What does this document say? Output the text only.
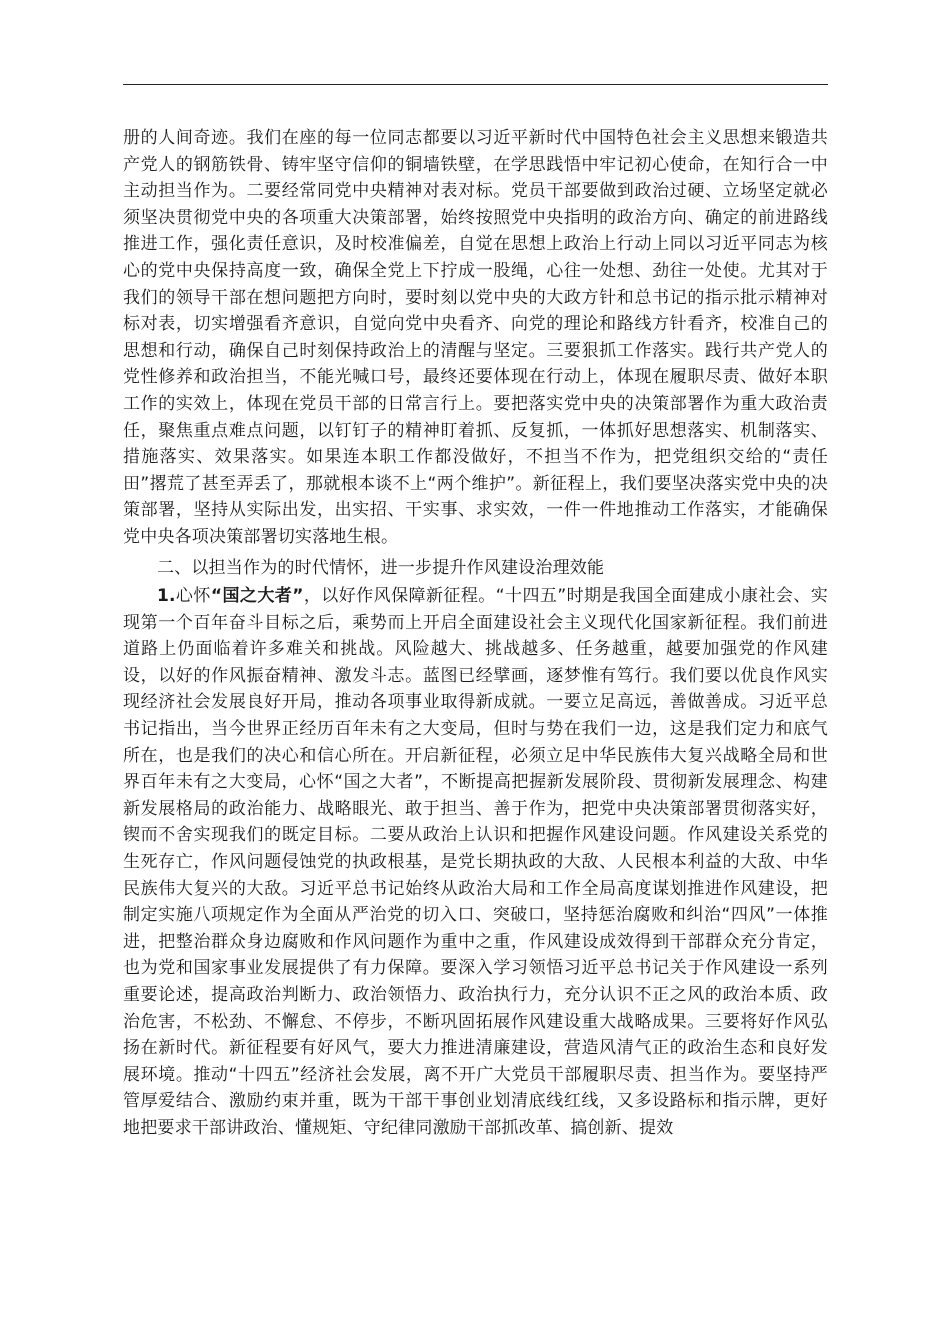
册的人间奇迹。我们在座的每一位同志都要以习近平新时代中国特色社会主义思想来锻造共产党人的钢筋铁骨、铸牢坚守信仰的铜墙铁壁，在学思践悟中牢记初心使命，在知行合一中主动担当作为。二要经常同党中央精神对表对标。党员干部要做到政治过硬、立场坚定就必须坚决贯彻党中央的各项重大决策部署，始终按照党中央指明的政治方向、确定的前进路线推进工作，强化责任意识，及时校准偏差，自觉在思想上政治上行动上同以习近平同志为核心的党中央保持高度一致，确保全党上下拧成一股绳，心往一处想、劲往一处使。尤其对于我们的领导干部在想问题把方向时，要时刻以党中央的大政方针和总书记的指示批示精神对标对表，切实增强看齐意识，自觉向党中央看齐、向党的理论和路线方针看齐，校准自己的思想和行动，确保自己时刻保持政治上的清醒与坚定。三要狠抓工作落实。践行共产党人的党性修养和政治担当，不能光喊口号，最终还要体现在行动上，体现在履职尽责、做好本职工作的实效上，体现在党员干部的日常言行上。要把落实党中央的决策部署作为重大政治责任，聚焦重点难点问题，以钉钉子的精神盯着抓、反复抓，一体抓好思想落实、机制落实、措施落实、效果落实。如果连本职工作都没做好，不担当不作为，把党组织交给的“责任田”撂荒了甚至弄丢了，那就根本谈不上“两个维护”。新征程上，我们要坚决落实党中央的决策部署，坚持从实际出发，出实招、干实事、求实效，一件一件地推动工作落实，才能确保党中央各项决策部署切实落地生根。

二、以担当作为的时代情怀，进一步提升作风建设治理效能

1.心怀“国之大者”，以好作风保障新征程。“十四五”时期是我国全面建成小康社会、实现第一个百年奋斗目标之后，乘势而上开启全面建设社会主义现代化国家新征程。我们前进道路上仍面临着许多难关和挑战。风险越大、挑战越多、任务越重，越要加强党的作风建设，以好的作风振奋精神、激发斗志。蓝图已经擘画，逐梦惟有笃行。我们要以优良作风实现经济社会发展良好开局，推动各项事业取得新成就。一要立足高远，善做善成。习近平总书记指出，当今世界正经历百年未有之大变局，但时与势在我们一边，这是我们定力和底气所在，也是我们的决心和信心所在。开启新征程，必须立足中华民族伟大复兴战略全局和世界百年未有之大变局，心怀“国之大者”，不断提高把握新发展阶段、贯彻新发展理念、构建新发展格局的政治能力、战略眼光、敢于担当、善于作为，把党中央决策部署贯彻落实好，锲而不舍实现我们的既定目标。二要从政治上认识和把握作风建设问题。作风建设关系党的生死存亡，作风问题侵蚀党的执政根基，是党长期执政的大敌、人民根本利益的大敌、中华民族伟大复兴的大敌。习近平总书记始终从政治大局和工作全局高度谋划推进作风建设，把制定实施八项规定作为全面从严治党的切入口、突破口，坚持惩治腐败和纠治“四风”一体推进，把整治群众身边腐败和作风问题作为重中之重，作风建设成效得到干部群众充分肯定，也为党和国家事业发展提供了有力保障。要深入学习领悟习近平总书记关于作风建设一系列重要论述，提高政治判断力、政治领悟力、政治执行力，充分认识不正之风的政治本质、政治危害，不松劲、不懈怠、不停步，不断巩固拓展作风建设重大战略成果。三要将好作风弘扬在新时代。新征程要有好风气，要大力推进清廉建设，营造风清气正的政治生态和良好发展环境。推动“十四五”经济社会发展，离不开广大党员干部履职尽责、担当作为。要坚持严管厚爱结合、激励约束并重，既为干部干事创业划清底线红线，又多设路标和指示牌，更好地把要求干部讲政治、懂规矩、守纪律同激励干部抓改革、搞创新、提效
